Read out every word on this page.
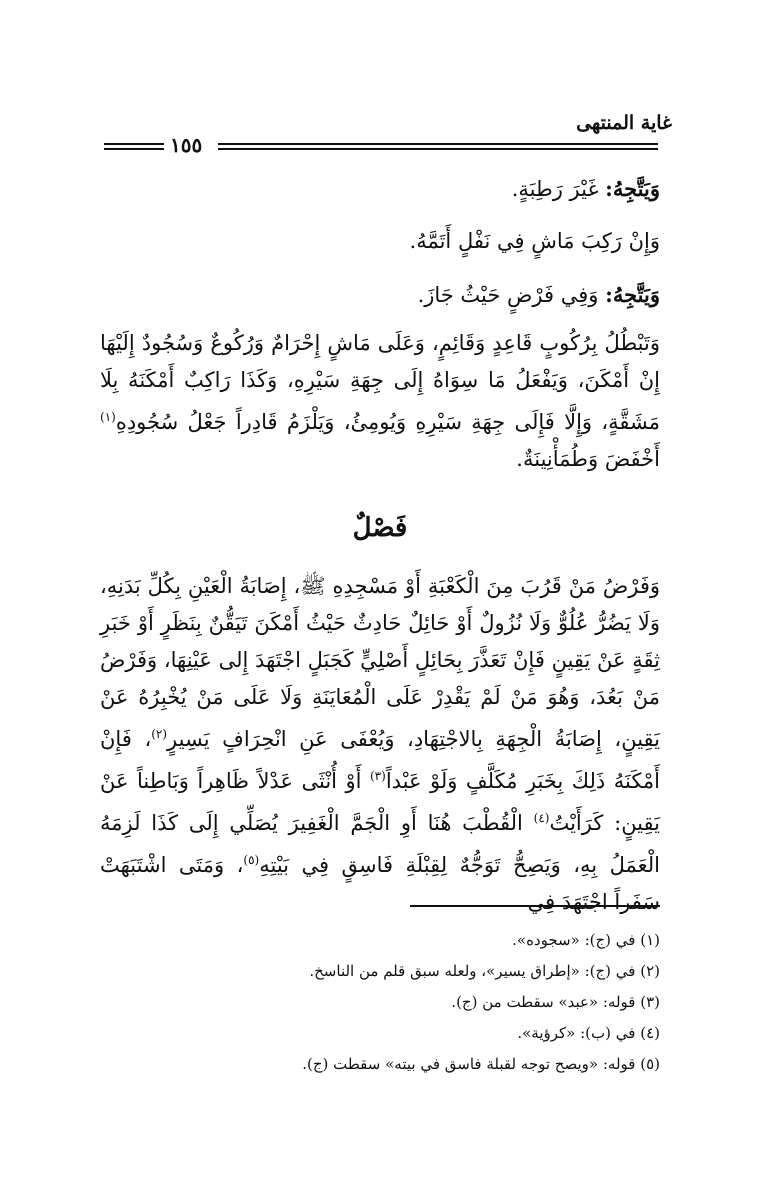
غاية المنتهى
١٥٥
وَيَتَّجِهُ: غَيْرَ رَطِبَةٍ.
وَإِنْ رَكِبَ مَاشٍ فِي نَفْلٍ أَتَمَّهُ.
وَيَتَّجِهُ: وَفِي فَرْضٍ حَيْثُ جَازَ.
وَتَبْطُلُ بِرُكُوبٍ قَاعِدٍ وَقَائِمٍ، وَعَلَى مَاشٍ إِحْرَامٌ وَرُكُوعٌ وَسُجُودٌ إِلَيْهَا إِنْ أَمْكَنَ، وَيَفْعَلُ مَا سِوَاهُ إِلَى جِهَةِ سَيْرِهِ، وَكَذَا رَاكِبٌ أَمْكَنَهُ بِلَا مَشَقَّةٍ، وَإِلَّا فَإِلَى جِهَةِ سَيْرِهِ وَيُومِئُ، وَيَلْزَمُ قَادِراً جَعْلُ سُجُودِهِ$^{(١)}$ أَخْفَضَ وَطُمَأْنِينَةٌ.
فَصْلٌ
وَفَرْضُ مَنْ قَرُبَ مِنَ الْكَعْبَةِ أَوْ مَسْجِدِهِ ﷺ، إِصَابَةُ الْعَيْنِ بِكُلِّ بَدَنِهِ، وَلَا يَضُرُّ عُلُوٌّ وَلَا نُزُولٌ أَوْ حَائِلٌ حَادِثٌ حَيْثُ أَمْكَنَ تَيَقُّنٌ بِنَظَرٍ أَوْ خَبَرِ ثِقَةٍ عَنْ يَقِينٍ فَإِنْ تَعَذَّرَ بِحَائِلٍ أَصْلِيٍّ كَجَبَلٍ اجْتَهَدَ إِلى عَيْنِهَا، وَفَرْضُ مَنْ بَعُدَ، وَهُوَ مَنْ لَمْ يَقْدِرْ عَلَى الْمُعَايَنَةِ وَلَا عَلَى مَنْ يُخْبِرُهُ عَنْ يَقِينٍ، إِصَابَةُ الْجِهَةِ بِالاجْتِهَادِ، وَيُعْفَى عَنِ انْحِرَافٍ يَسِيرٍ$^{(٢)}$، فَإِنْ أَمْكَنَهُ ذَلِكَ بِخَبَرِ مُكَلَّفٍ وَلَوْ عَبْداً$^{(٣)}$ أَوْ أُنْثَى عَدْلاً ظَاهِراً وَبَاطِناً عَنْ يَقِينٍ: كَرَأَيْتُ$^{(٤)}$ الْقُطْبَ هُنَا أَوِ الْجَمَّ الْغَفِيرَ يُصَلِّي إِلَى كَذَا لَزِمَهُ الْعَمَلُ بِهِ، وَيَصِحُّ تَوَجُّهٌ لِقِبْلَةِ فَاسِقٍ فِي بَيْتِهِ$^{(٥)}$، وَمَتَى اشْتَبَهَتْ سَفَراً اجْتَهَدَ فِي
(١) في (ج): «سجوده».
(٢) في (ج): «إطراق يسير»، ولعله سبق قلم من الناسخ.
(٣) قوله: «عبد» سقطت من (ج).
(٤) في (ب): «كرؤية».
(٥) قوله: «ويصح توجه لقبلة فاسق في بيته» سقطت (ج).
